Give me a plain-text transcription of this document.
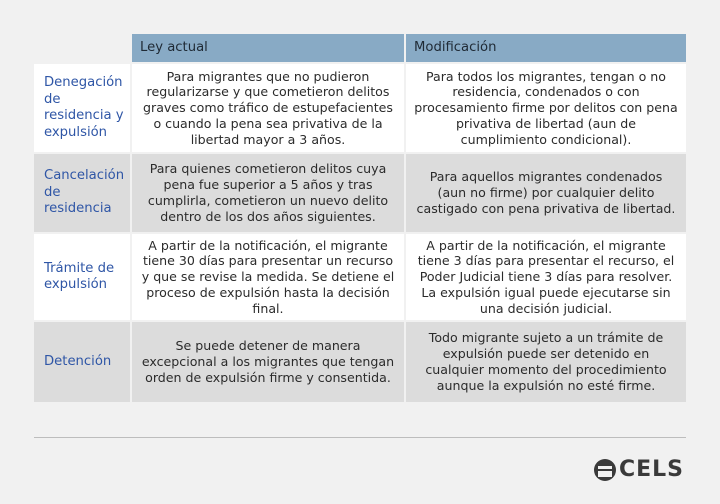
Ley actual	Modificación
Denegación de residencia y expulsión
Para migrantes que no pudieron regularizarse y que cometieron delitos graves como tráfico de estupefacientes o cuando la pena sea privativa de la libertad mayor a 3 años.
Para todos los migrantes, tengan o no residencia, condenados o con procesamiento firme por delitos con pena privativa de libertad (aun de cumplimiento condicional).
Cancelación de residencia
Para quienes cometieron delitos cuya pena fue superior a 5 años y tras cumplirla, cometieron un nuevo delito dentro de los dos años siguientes.
Para aquellos migrantes condenados (aun no firme) por cualquier delito castigado con pena privativa de libertad.
Trámite de expulsión
A partir de la notificación, el migrante tiene 30 días para presentar un recurso y que se revise la medida. Se detiene el proceso de expulsión hasta la decisión final.
A partir de la notificación, el migrante tiene 3 días para presentar el recurso, el Poder Judicial tiene 3 días para resolver. La expulsión igual puede ejecutarse sin una decisión judicial.
Detención
Se puede detener de manera excepcional a los migrantes que tengan orden de expulsión firme y consentida.
Todo migrante sujeto a un trámite de expulsión puede ser detenido en cualquier momento del procedimiento aunque la expulsión no esté firme.
CELS
